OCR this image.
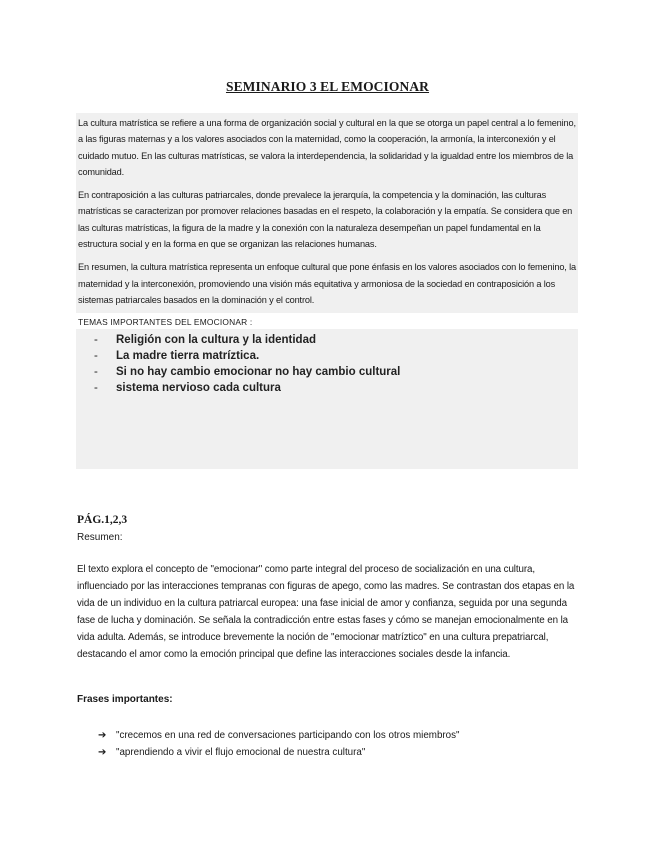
SEMINARIO 3 EL EMOCIONAR

La cultura matrística se refiere a una forma de organización social y cultural en la que se otorga un papel central a lo femenino, a las figuras maternas y a los valores asociados con la maternidad, como la cooperación, la armonía, la interconexión y el cuidado mutuo. En las culturas matrísticas, se valora la interdependencia, la solidaridad y la igualdad entre los miembros de la comunidad.

En contraposición a las culturas patriarcales, donde prevalece la jerarquía, la competencia y la dominación, las culturas matrísticas se caracterizan por promover relaciones basadas en el respeto, la colaboración y la empatía. Se considera que en las culturas matrísticas, la figura de la madre y la conexión con la naturaleza desempeñan un papel fundamental en la estructura social y en la forma en que se organizan las relaciones humanas.

En resumen, la cultura matrística representa un enfoque cultural que pone énfasis en los valores asociados con lo femenino, la maternidad y la interconexión, promoviendo una visión más equitativa y armoniosa de la sociedad en contraposición a los sistemas patriarcales basados en la dominación y el control.

TEMAS IMPORTANTES DEL EMOCIONAR :
- Religión con la cultura y la identidad
- La madre tierra matríztica.
- Si no hay cambio emocionar no hay cambio cultural
- sistema nervioso cada cultura
PÁG.1,2,3
Resumen:

El texto explora el concepto de "emocionar" como parte integral del proceso de socialización en una cultura, influenciado por las interacciones tempranas con figuras de apego, como las madres. Se contrastan dos etapas en la vida de un individuo en la cultura patriarcal europea: una fase inicial de amor y confianza, seguida por una segunda fase de lucha y dominación. Se señala la contradicción entre estas fases y cómo se manejan emocionalmente en la vida adulta. Además, se introduce brevemente la noción de "emocionar matríztico" en una cultura prepatriarcal, destacando el amor como la emoción principal que define las interacciones sociales desde la infancia.

Frases importantes:
➔ "crecemos en una red de conversaciones participando con los otros miembros"
➔ "aprendiendo a vivir el flujo emocional de nuestra cultura"
